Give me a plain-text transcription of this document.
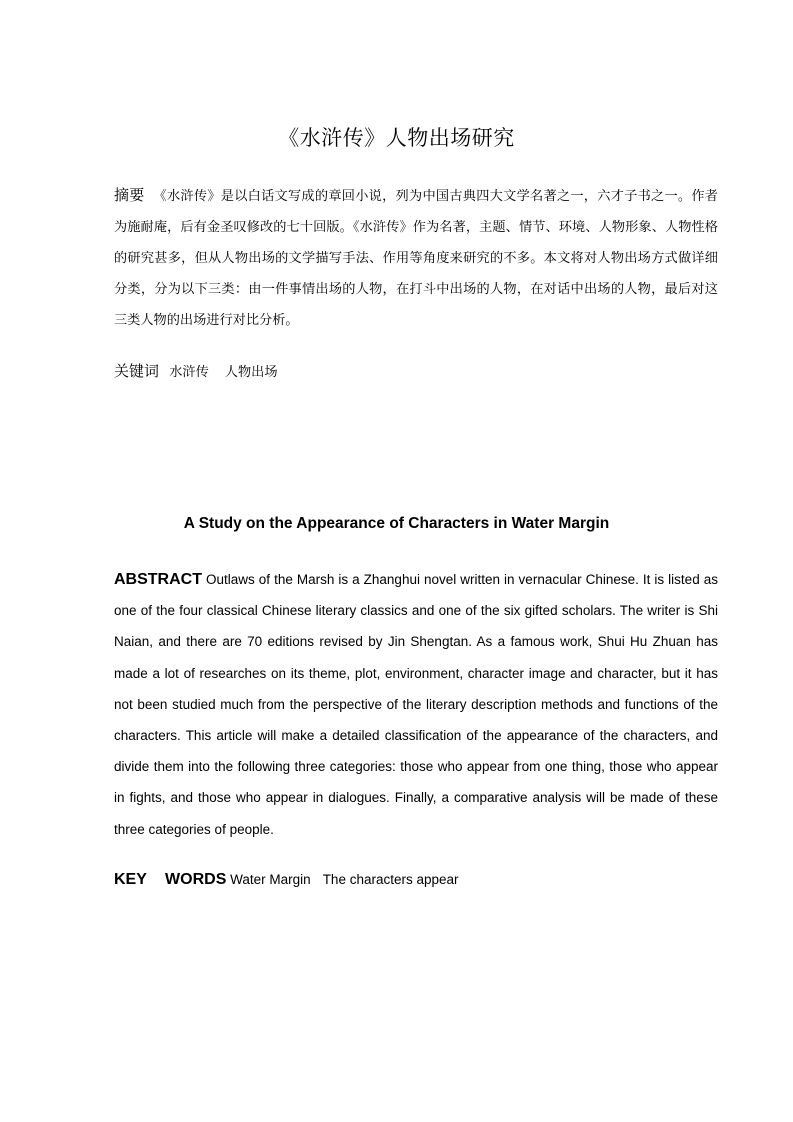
《水浒传》人物出场研究
摘要 《水浒传》是以白话文写成的章回小说，列为中国古典四大文学名著之一，六才子书之一。作者为施耐庵，后有金圣叹修改的七十回版。《水浒传》作为名著，主题、情节、环境、人物形象、人物性格的研究甚多，但从人物出场的文学描写手法、作用等角度来研究的不多。本文将对人物出场方式做详细分类，分为以下三类：由一件事情出场的人物，在打斗中出场的人物，在对话中出场的人物，最后对这三类人物的出场进行对比分析。
关键词 水浒传 人物出场
A Study on the Appearance of Characters in Water Margin
ABSTRACT Outlaws of the Marsh is a Zhanghui novel written in vernacular Chinese. It is listed as one of the four classical Chinese literary classics and one of the six gifted scholars. The writer is Shi Naian, and there are 70 editions revised by Jin Shengtan. As a famous work, Shui Hu Zhuan has made a lot of researches on its theme, plot, environment, character image and character, but it has not been studied much from the perspective of the literary description methods and functions of the characters. This article will make a detailed classification of the appearance of the characters, and divide them into the following three categories: those who appear from one thing, those who appear in fights, and those who appear in dialogues. Finally, a comparative analysis will be made of these three categories of people.
KEY WORDS Water Margin The characters appear
